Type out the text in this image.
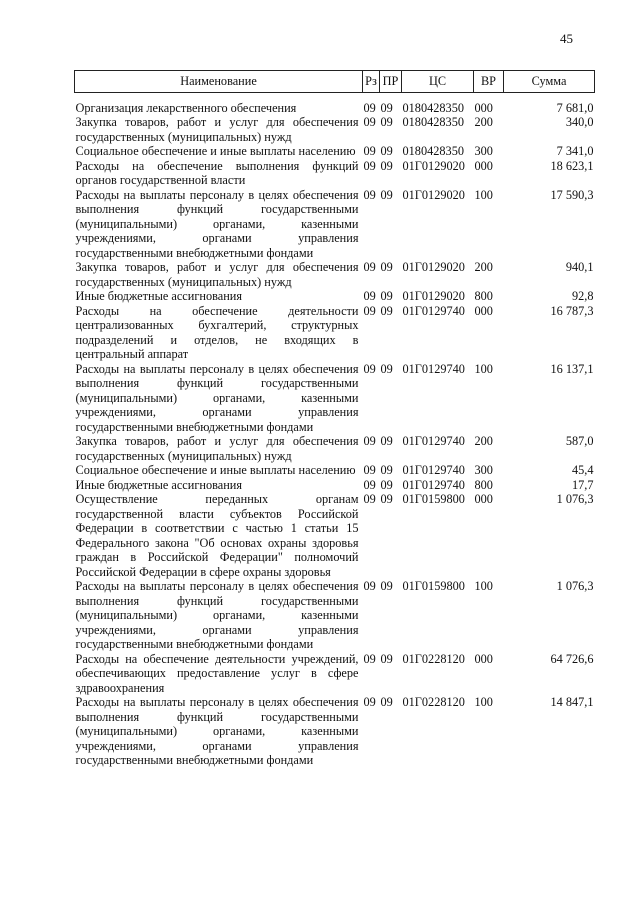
45
Наименование	Рз	ПР	ЦС	ВР	Сумма

Организация лекарственного обеспечения	09	09	0180428350	000	7 681,0
Закупка товаров, работ и услуг для обеспечения государственных (муниципальных) нужд	09	09	0180428350	200	340,0
Социальное обеспечение и иные выплаты населению	09	09	0180428350	300	7 341,0
Расходы на обеспечение выполнения функций органов государственной власти	09	09	01Г0129020	000	18 623,1
Расходы на выплаты персоналу в целях обеспечения выполнения функций государственными (муниципальными) органами, казенными учреждениями, органами управления государственными внебюджетными фондами	09	09	01Г0129020	100	17 590,3
Закупка товаров, работ и услуг для обеспечения государственных (муниципальных) нужд	09	09	01Г0129020	200	940,1
Иные бюджетные ассигнования	09	09	01Г0129020	800	92,8
Расходы на обеспечение деятельности централизованных бухгалтерий, структурных подразделений и отделов, не входящих в центральный аппарат	09	09	01Г0129740	000	16 787,3
Расходы на выплаты персоналу в целях обеспечения выполнения функций государственными (муниципальными) органами, казенными учреждениями, органами управления государственными внебюджетными фондами	09	09	01Г0129740	100	16 137,1
Закупка товаров, работ и услуг для обеспечения государственных (муниципальных) нужд	09	09	01Г0129740	200	587,0
Социальное обеспечение и иные выплаты населению	09	09	01Г0129740	300	45,4
Иные бюджетные ассигнования	09	09	01Г0129740	800	17,7
Осуществление переданных органам государственной власти субъектов Российской Федерации в соответствии с частью 1 статьи 15 Федерального закона "Об основах охраны здоровья граждан в Российской Федерации" полномочий Российской Федерации в сфере охраны здоровья	09	09	01Г0159800	000	1 076,3
Расходы на выплаты персоналу в целях обеспечения выполнения функций государственными (муниципальными) органами, казенными учреждениями, органами управления государственными внебюджетными фондами	09	09	01Г0159800	100	1 076,3
Расходы на обеспечение деятельности учреждений, обеспечивающих предоставление услуг в сфере здравоохранения	09	09	01Г0228120	000	64 726,6
Расходы на выплаты персоналу в целях обеспечения выполнения функций государственными (муниципальными) органами, казенными учреждениями, органами управления государственными внебюджетными фондами	09	09	01Г0228120	100	14 847,1
